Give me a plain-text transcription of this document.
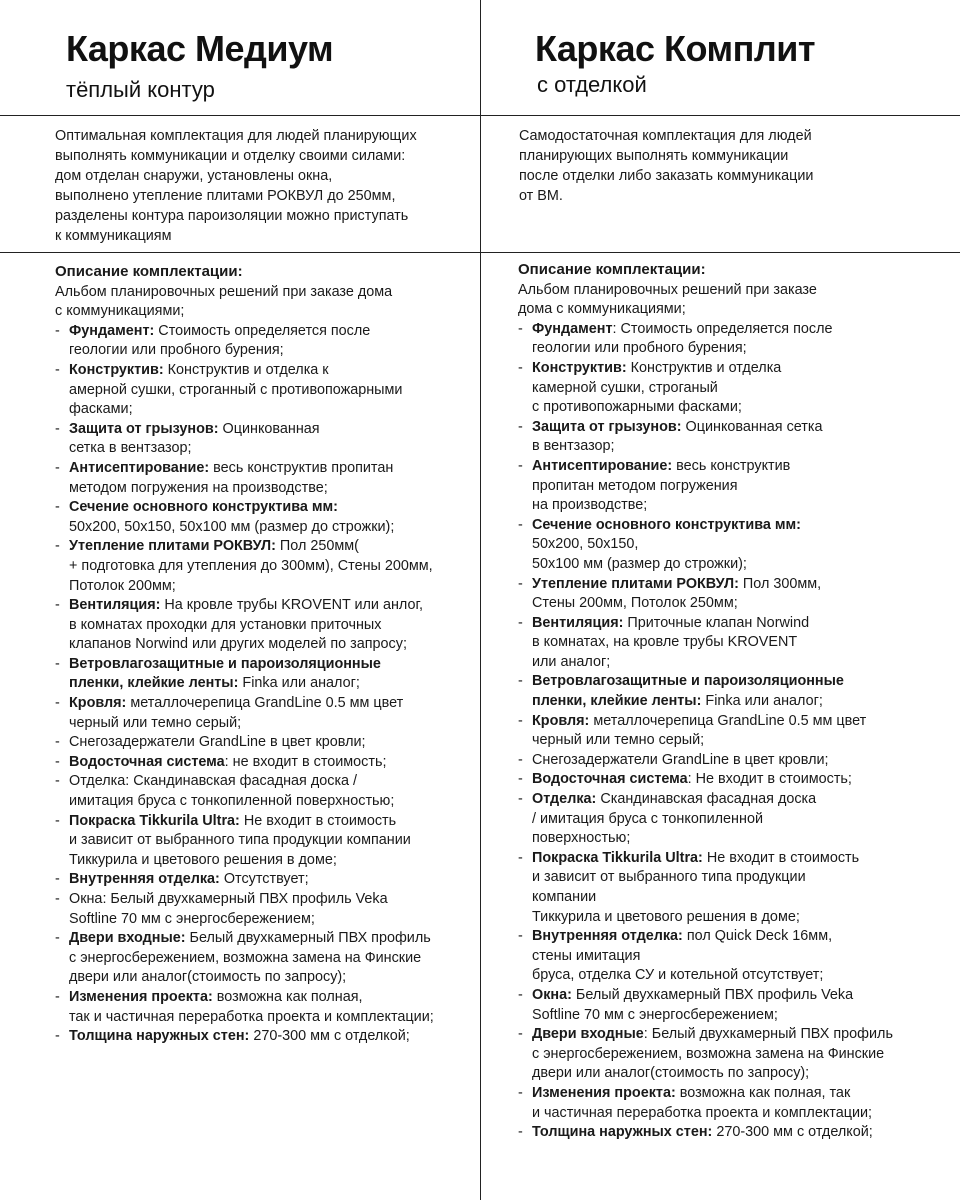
Каркас Медиум
тёплый контур
Оптимальная комплектация для людей планирующих
выполнять коммуникации и отделку своими силами:
дом отделан снаружи, установлены окна,
выполнено утепление плитами РОКВУЛ до 250мм,
разделены контура пароизоляции можно приступать
к коммуникациям
Описание комплектации:
Альбом планировочных решений при заказе дома
с коммуникациями;
- Фундамент: Стоимость определяется после
геологии или пробного бурения;
- Конструктив: Конструктив и отделка к
амерной сушки, строганный с противопожарными
фасками;
- Защита от грызунов: Оцинкованная
сетка в вентзазор;
- Антисептирование: весь конструктив пропитан
методом погружения на производстве;
- Сечение основного конструктива мм:
50х200, 50х150, 50х100 мм (размер до строжки);
- Утепление плитами РОКВУЛ: Пол 250мм(
+ подготовка для утепления до 300мм), Стены 200мм,
Потолок 200мм;
- Вентиляция: На кровле трубы KROVENT или анлог,
в комнатах проходки для установки приточных
клапанов Norwind или других моделей по запросу;
- Ветровлагозащитные и пароизоляционные
пленки, клейкие ленты: Finka или аналог;
- Кровля: металлочерепица GrandLine 0.5 мм цвет
черный или темно серый;
- Снегозадержатели GrandLine в цвет кровли;
- Водосточная система: не входит в стоимость;
- Отделка: Скандинавская фасадная доска /
имитация бруса с тонкопиленной поверхностью;
- Покраска Tikkurila Ultra: Не входит в стоимость
и зависит от выбранного типа продукции компании
Тиккурила и цветового решения в доме;
- Внутренняя отделка: Отсутствует;
- Окна: Белый двухкамерный ПВХ профиль Veka
Softline 70 мм с энергосбережением;
- Двери входные: Белый двухкамерный ПВХ профиль
с энергосбережением, возможна замена на Финские
двери или аналог(стоимость по запросу);
- Изменения проекта: возможна как полная,
так и частичная переработка проекта и комплектации;
- Толщина наружных стен: 270-300 мм с отделкой;
Каркас Комплит
с отделкой
Самодостаточная комплектация для людей
планирующих выполнять коммуникации
после отделки либо заказать коммуникации
от ВМ.
Описание комплектации:
Альбом планировочных решений при заказе
дома с коммуникациями;
- Фундамент: Стоимость определяется после
геологии или пробного бурения;
- Конструктив: Конструктив и отделка
камерной сушки, строганый
с противопожарными фасками;
- Защита от грызунов: Оцинкованная сетка
в вентзазор;
- Антисептирование: весь конструктив
пропитан методом погружения
на производстве;
- Сечение основного конструктива мм:
50х200, 50х150,
50х100 мм (размер до строжки);
- Утепление плитами РОКВУЛ: Пол 300мм,
Стены 200мм, Потолок 250мм;
- Вентиляция: Приточные клапан Norwind
в комнатах, на кровле трубы KROVENT
или аналог;
- Ветровлагозащитные и пароизоляционные
пленки, клейкие ленты: Finka или аналог;
- Кровля: металлочерепица GrandLine 0.5 мм цвет
черный или темно серый;
- Снегозадержатели GrandLine в цвет кровли;
- Водосточная система: Не входит в стоимость;
- Отделка: Скандинавская фасадная доска
/ имитация бруса с тонкопиленной
поверхностью;
- Покраска Tikkurila Ultra: Не входит в стоимость
и зависит от выбранного типа продукции
компании
Тиккурила и цветового решения в доме;
- Внутренняя отделка: пол Quick Deck 16мм,
стены имитация
бруса, отделка СУ и котельной отсутствует;
- Окна: Белый двухкамерный ПВХ профиль Veka
Softline 70 мм с энергосбережением;
- Двери входные: Белый двухкамерный ПВХ профиль
с энергосбережением, возможна замена на Финские
двери или аналог(стоимость по запросу);
- Изменения проекта: возможна как полная, так
и частичная переработка проекта и комплектации;
- Толщина наружных стен: 270-300 мм с отделкой;
